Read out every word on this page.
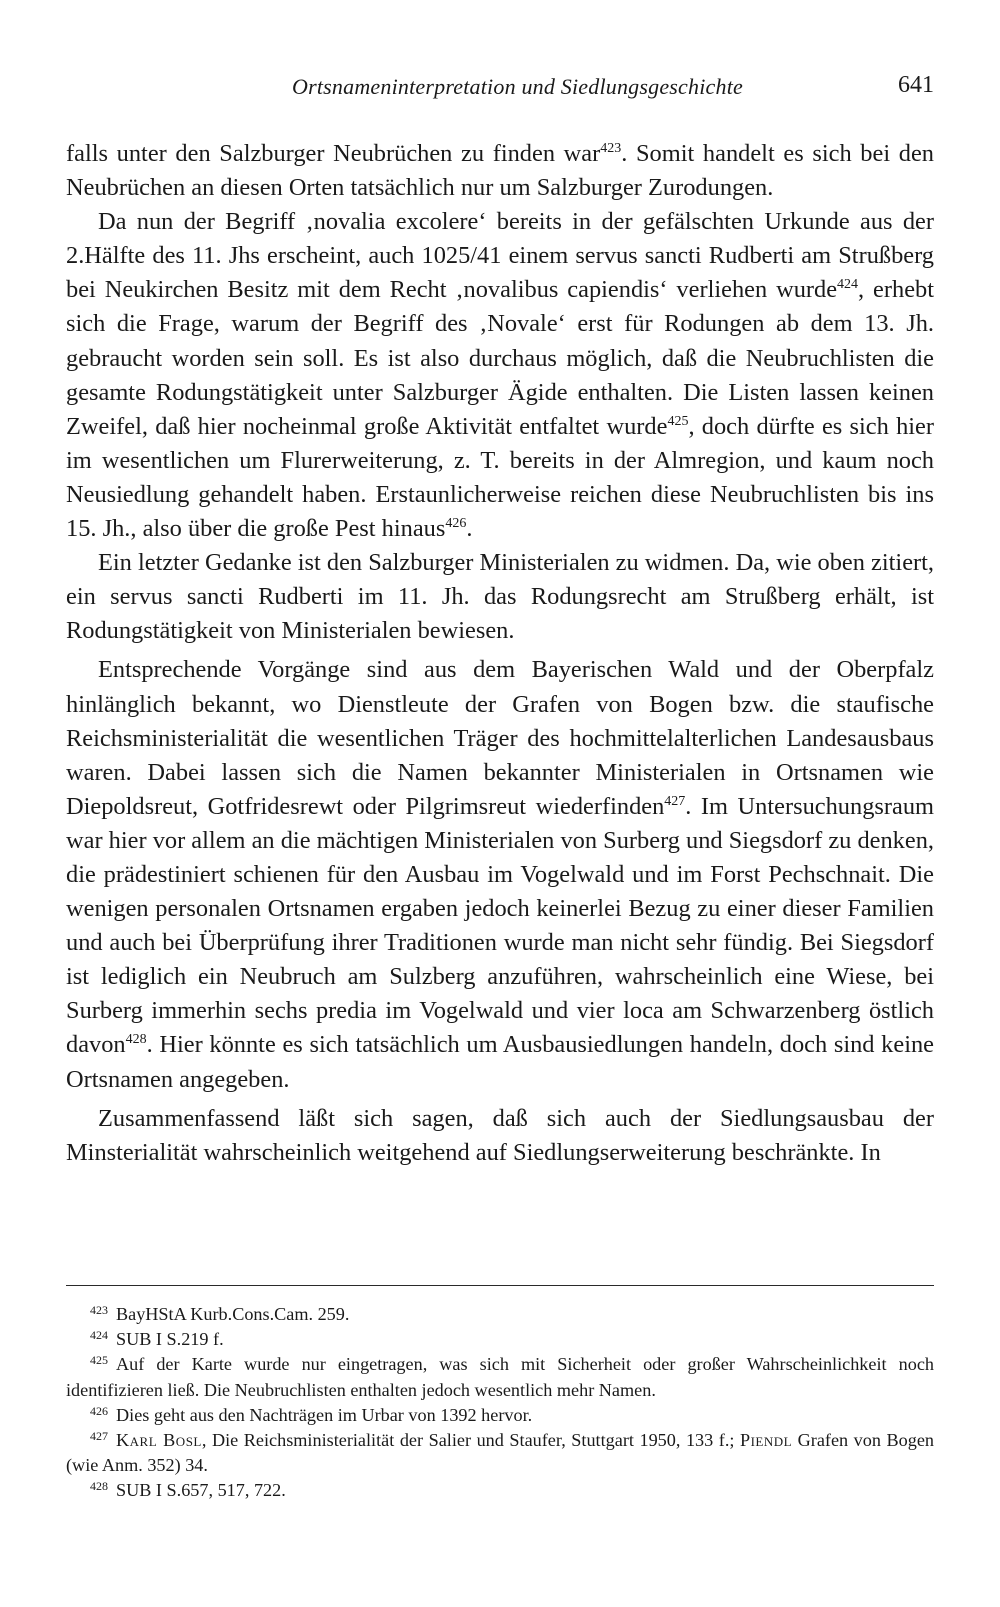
Ortsnameninterpretation und Siedlungsgeschichte	641

falls unter den Salzburger Neubrüchen zu finden war$^{423}$. Somit handelt es sich bei den Neubrüchen an diesen Orten tatsächlich nur um Salzburger Zurodungen.

Da nun der Begriff ‚novalia excolere‘ bereits in der gefälschten Urkunde aus der 2.Hälfte des 11. Jhs erscheint, auch 1025/41 einem servus sancti Rudberti am Strußberg bei Neukirchen Besitz mit dem Recht ‚novalibus capiendis‘ verliehen wurde$^{424}$, erhebt sich die Frage, warum der Begriff des ‚Novale‘ erst für Rodungen ab dem 13. Jh. gebraucht worden sein soll. Es ist also durchaus möglich, daß die Neubruchlisten die gesamte Rodungstätigkeit unter Salzburger Ägide enthalten. Die Listen lassen keinen Zweifel, daß hier nocheinmal große Aktivität entfaltet wurde$^{425}$, doch dürfte es sich hier im wesentlichen um Flurerweiterung, z. T. bereits in der Almregion, und kaum noch Neusiedlung gehandelt haben. Erstaunlicherweise reichen diese Neubruchlisten bis ins 15. Jh., also über die große Pest hinaus$^{426}$.

Ein letzter Gedanke ist den Salzburger Ministerialen zu widmen. Da, wie oben zitiert, ein servus sancti Rudberti im 11. Jh. das Rodungsrecht am Strußberg erhält, ist Rodungstätigkeit von Ministerialen bewiesen.

Entsprechende Vorgänge sind aus dem Bayerischen Wald und der Oberpfalz hinlänglich bekannt, wo Dienstleute der Grafen von Bogen bzw. die staufische Reichsministerialität die wesentlichen Träger des hochmittelalterlichen Landesausbaus waren. Dabei lassen sich die Namen bekannter Ministerialen in Ortsnamen wie Diepoldsreut, Gotfridesrewt oder Pilgrimsreut wiederfinden$^{427}$. Im Untersuchungsraum war hier vor allem an die mächtigen Ministerialen von Surberg und Siegsdorf zu denken, die prädestiniert schienen für den Ausbau im Vogelwald und im Forst Pechschnait. Die wenigen personalen Ortsnamen ergaben jedoch keinerlei Bezug zu einer dieser Familien und auch bei Überprüfung ihrer Traditionen wurde man nicht sehr fündig. Bei Siegsdorf ist lediglich ein Neubruch am Sulzberg anzuführen, wahrscheinlich eine Wiese, bei Surberg immerhin sechs predia im Vogelwald und vier loca am Schwarzenberg östlich davon$^{428}$. Hier könnte es sich tatsächlich um Ausbausiedlungen handeln, doch sind keine Ortsnamen angegeben.

Zusammenfassend läßt sich sagen, daß sich auch der Siedlungsausbau der Minsterialität wahrscheinlich weitgehend auf Siedlungserweiterung beschränkte. In

$^{423}$ BayHStA Kurb.Cons.Cam. 259.

$^{424}$ SUB I S.219 f.

$^{425}$ Auf der Karte wurde nur eingetragen, was sich mit Sicherheit oder großer Wahrscheinlichkeit noch identifizieren ließ. Die Neubruchlisten enthalten jedoch wesentlich mehr Namen.

$^{426}$ Dies geht aus den Nachträgen im Urbar von 1392 hervor.

$^{427}$ Karl Bosl, Die Reichsministerialität der Salier und Staufer, Stuttgart 1950, 133 f.; Piendl Grafen von Bogen (wie Anm. 352) 34.

$^{428}$ SUB I S.657, 517, 722.
